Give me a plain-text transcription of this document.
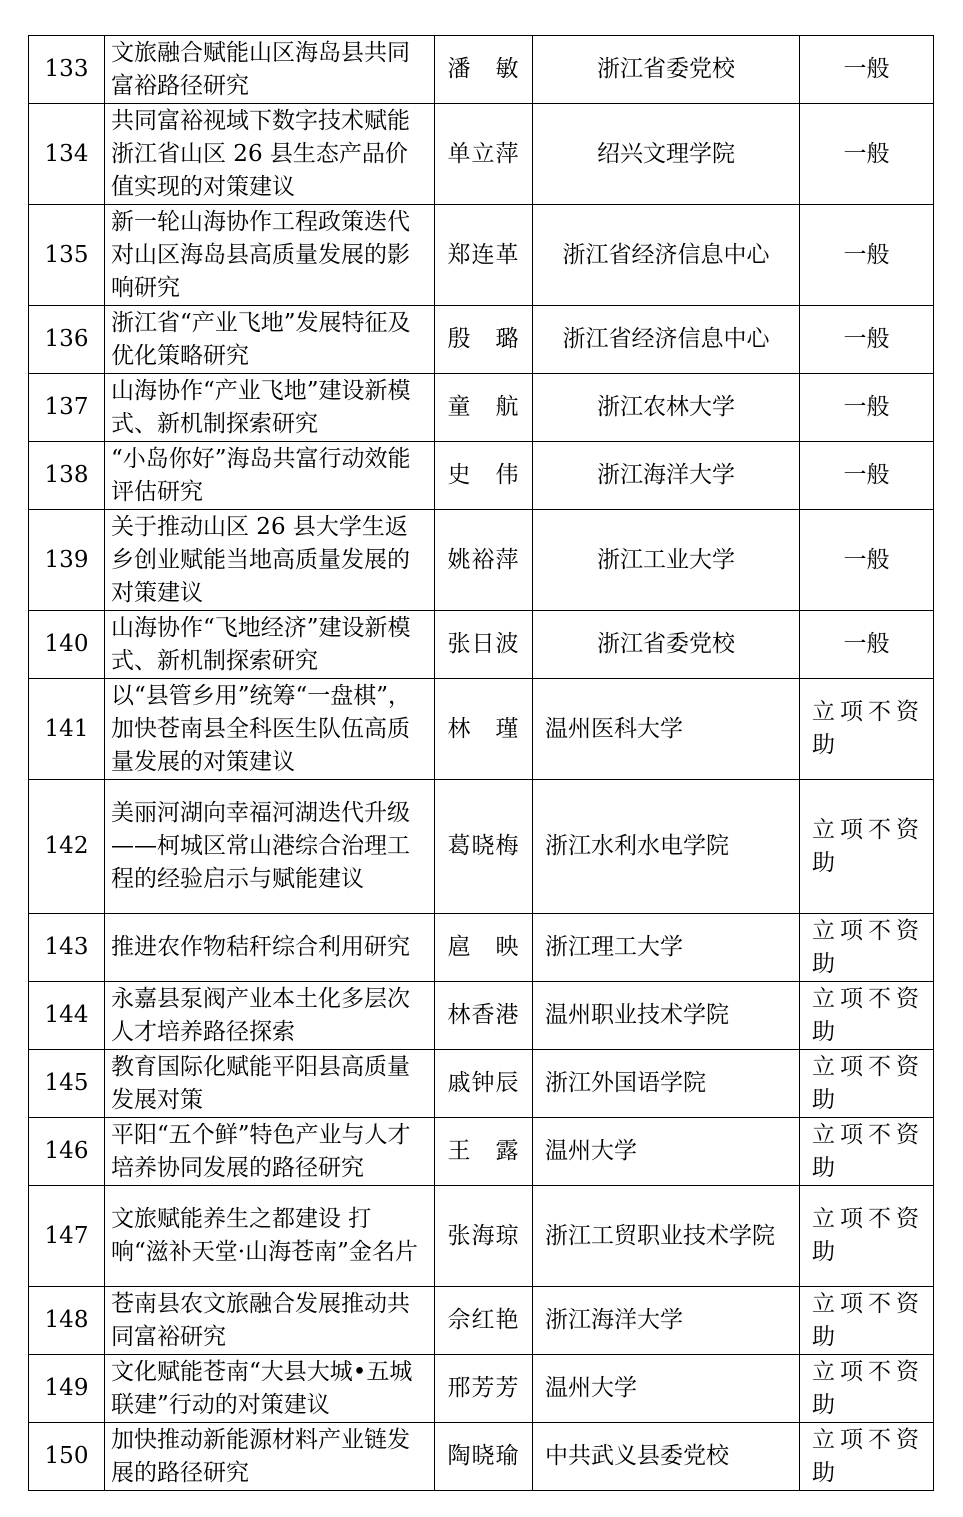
133	文旅融合赋能山区海岛县共同富裕路径研究	潘　敏	浙江省委党校	一般
134	共同富裕视域下数字技术赋能浙江省山区 26 县生态产品价值实现的对策建议	单立萍	绍兴文理学院	一般
135	新一轮山海协作工程政策迭代对山区海岛县高质量发展的影响研究	郑连革	浙江省经济信息中心	一般
136	浙江省“产业飞地”发展特征及优化策略研究	殷　璐	浙江省经济信息中心	一般
137	山海协作“产业飞地”建设新模式、新机制探索研究	童　航	浙江农林大学	一般
138	“小岛你好”海岛共富行动效能评估研究	史　伟	浙江海洋大学	一般
139	关于推动山区 26 县大学生返乡创业赋能当地高质量发展的对策建议	姚裕萍	浙江工业大学	一般
140	山海协作“飞地经济”建设新模式、新机制探索研究	张日波	浙江省委党校	一般
141	以“县管乡用”统筹“一盘棋”，加快苍南县全科医生队伍高质量发展的对策建议	林　瑾	温州医科大学	立项不资助
142	美丽河湖向幸福河湖迭代升级——柯城区常山港综合治理工程的经验启示与赋能建议	葛晓梅	浙江水利水电学院	立项不资助
143	推进农作物秸秆综合利用研究	扈　映	浙江理工大学	立项不资助
144	永嘉县泵阀产业本土化多层次人才培养路径探索	林香港	温州职业技术学院	立项不资助
145	教育国际化赋能平阳县高质量发展对策	戚钟辰	浙江外国语学院	立项不资助
146	平阳“五个鲜”特色产业与人才培养协同发展的路径研究	王　露	温州大学	立项不资助
147	文旅赋能养生之都建设 打响“滋补天堂·山海苍南”金名片	张海琼	浙江工贸职业技术学院	立项不资助
148	苍南县农文旅融合发展推动共同富裕研究	佘红艳	浙江海洋大学	立项不资助
149	文化赋能苍南“大县大城•五城联建”行动的对策建议	邢芳芳	温州大学	立项不资助
150	加快推动新能源材料产业链发展的路径研究	陶晓瑜	中共武义县委党校	立项不资助
